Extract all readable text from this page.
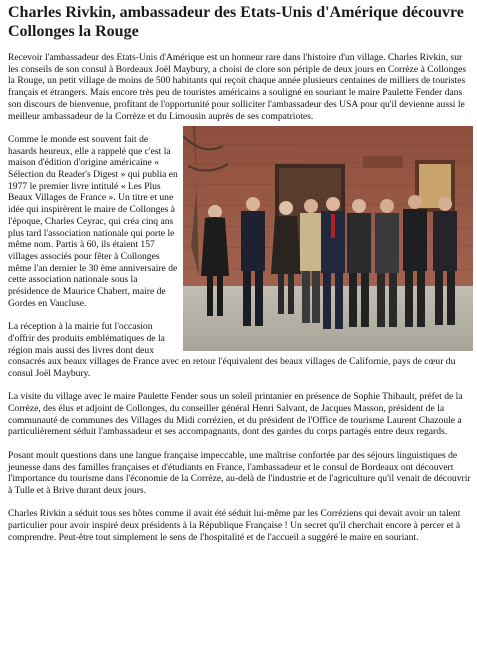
Charles Rivkin, ambassadeur des Etats-Unis d'Amérique découvre Collonges la Rouge

Recevoir l'ambassadeur des Etats-Unis d'Amérique est un honneur rare dans l'histoire d'un village. Charles Rivkin, sur les conseils de son consul à Bordeaux Joël Maybury, a choisi de clore son périple de deux jours en Corrèze à Collonges la Rouge, un petit village de moins de 500 habitants qui reçoit chaque année plusieurs centaines de milliers de touristes français et étrangers. Mais encore très peu de touristes américains a souligné en souriant le maire Paulette Fender dans son discours de bienvenue, profitant de l'opportunité pour solliciter l'ambassadeur des USA pour qu'il devienne aussi le meilleur ambassadeur de la Corrèze et du Limousin auprès de ses compatriotes.

Comme le monde est souvent fait de hasards heureux, elle a rappelé que c'est la maison d'édition d'origine américaine « Sélection du Reader's Digest » qui publia en 1977 le premier livre intitulé « Les Plus Beaux Villages de France ». Un titre et une idée qui inspirèrent le maire de Collonges à l'époque, Charles Ceyrac, qui créa cinq ans plus tard l'association nationale qui porte le même nom. Partis à 60, ils étaient 157 villages associés pour fêter à Collonges même l'an dernier le 30 ème anniversaire de cette association nationale sous la présidence de Maurice Chabert, maire de Gordes en Vaucluse.

La réception à la mairie fut l'occasion d'offrir des produits emblématiques de la région mais aussi des livres dont deux consacrés aux beaux villages de France avec en retour l'équivalent des beaux villages de Californie, pays de cœur du consul Joël Maybury.

La visite du village avec le maire Paulette Fender sous un soleil printanier en présence de Sophie Thibault, préfet de la Corrèze, des élus et adjoint de Collonges, du conseiller général Henri Salvant, de Jacques Masson, président de la communauté de communes des Villages du Midi corrézien, et du président de l'Office de tourisme Laurent Chazoule a particulièrement séduit l'ambassadeur et ses accompagnants, dont des gardes du corps partagés entre deux regards.

Posant moult questions dans une langue française impeccable, une maîtrise confortée par des séjours linguistiques de jeunesse dans des familles françaises et d'étudiants en France, l'ambassadeur et le consul de Bordeaux ont découvert l'importance du tourisme dans l'économie de la Corrèze, au-delà de l'industrie et de l'agriculture qu'il venait de découvrir à Tulle et à Brive durant deux jours.

Charles Rivkin a séduit tous ses hôtes comme il avait été séduit lui-même par les Corréziens qui devait avoir un talent particulier pour avoir inspiré deux présidents à la République Française ! Un secret qu'il cherchait encore à percer et à comprendre. Peut-être tout simplement le sens de l'hospitalité et de l'accueil a suggéré le maire en souriant.
